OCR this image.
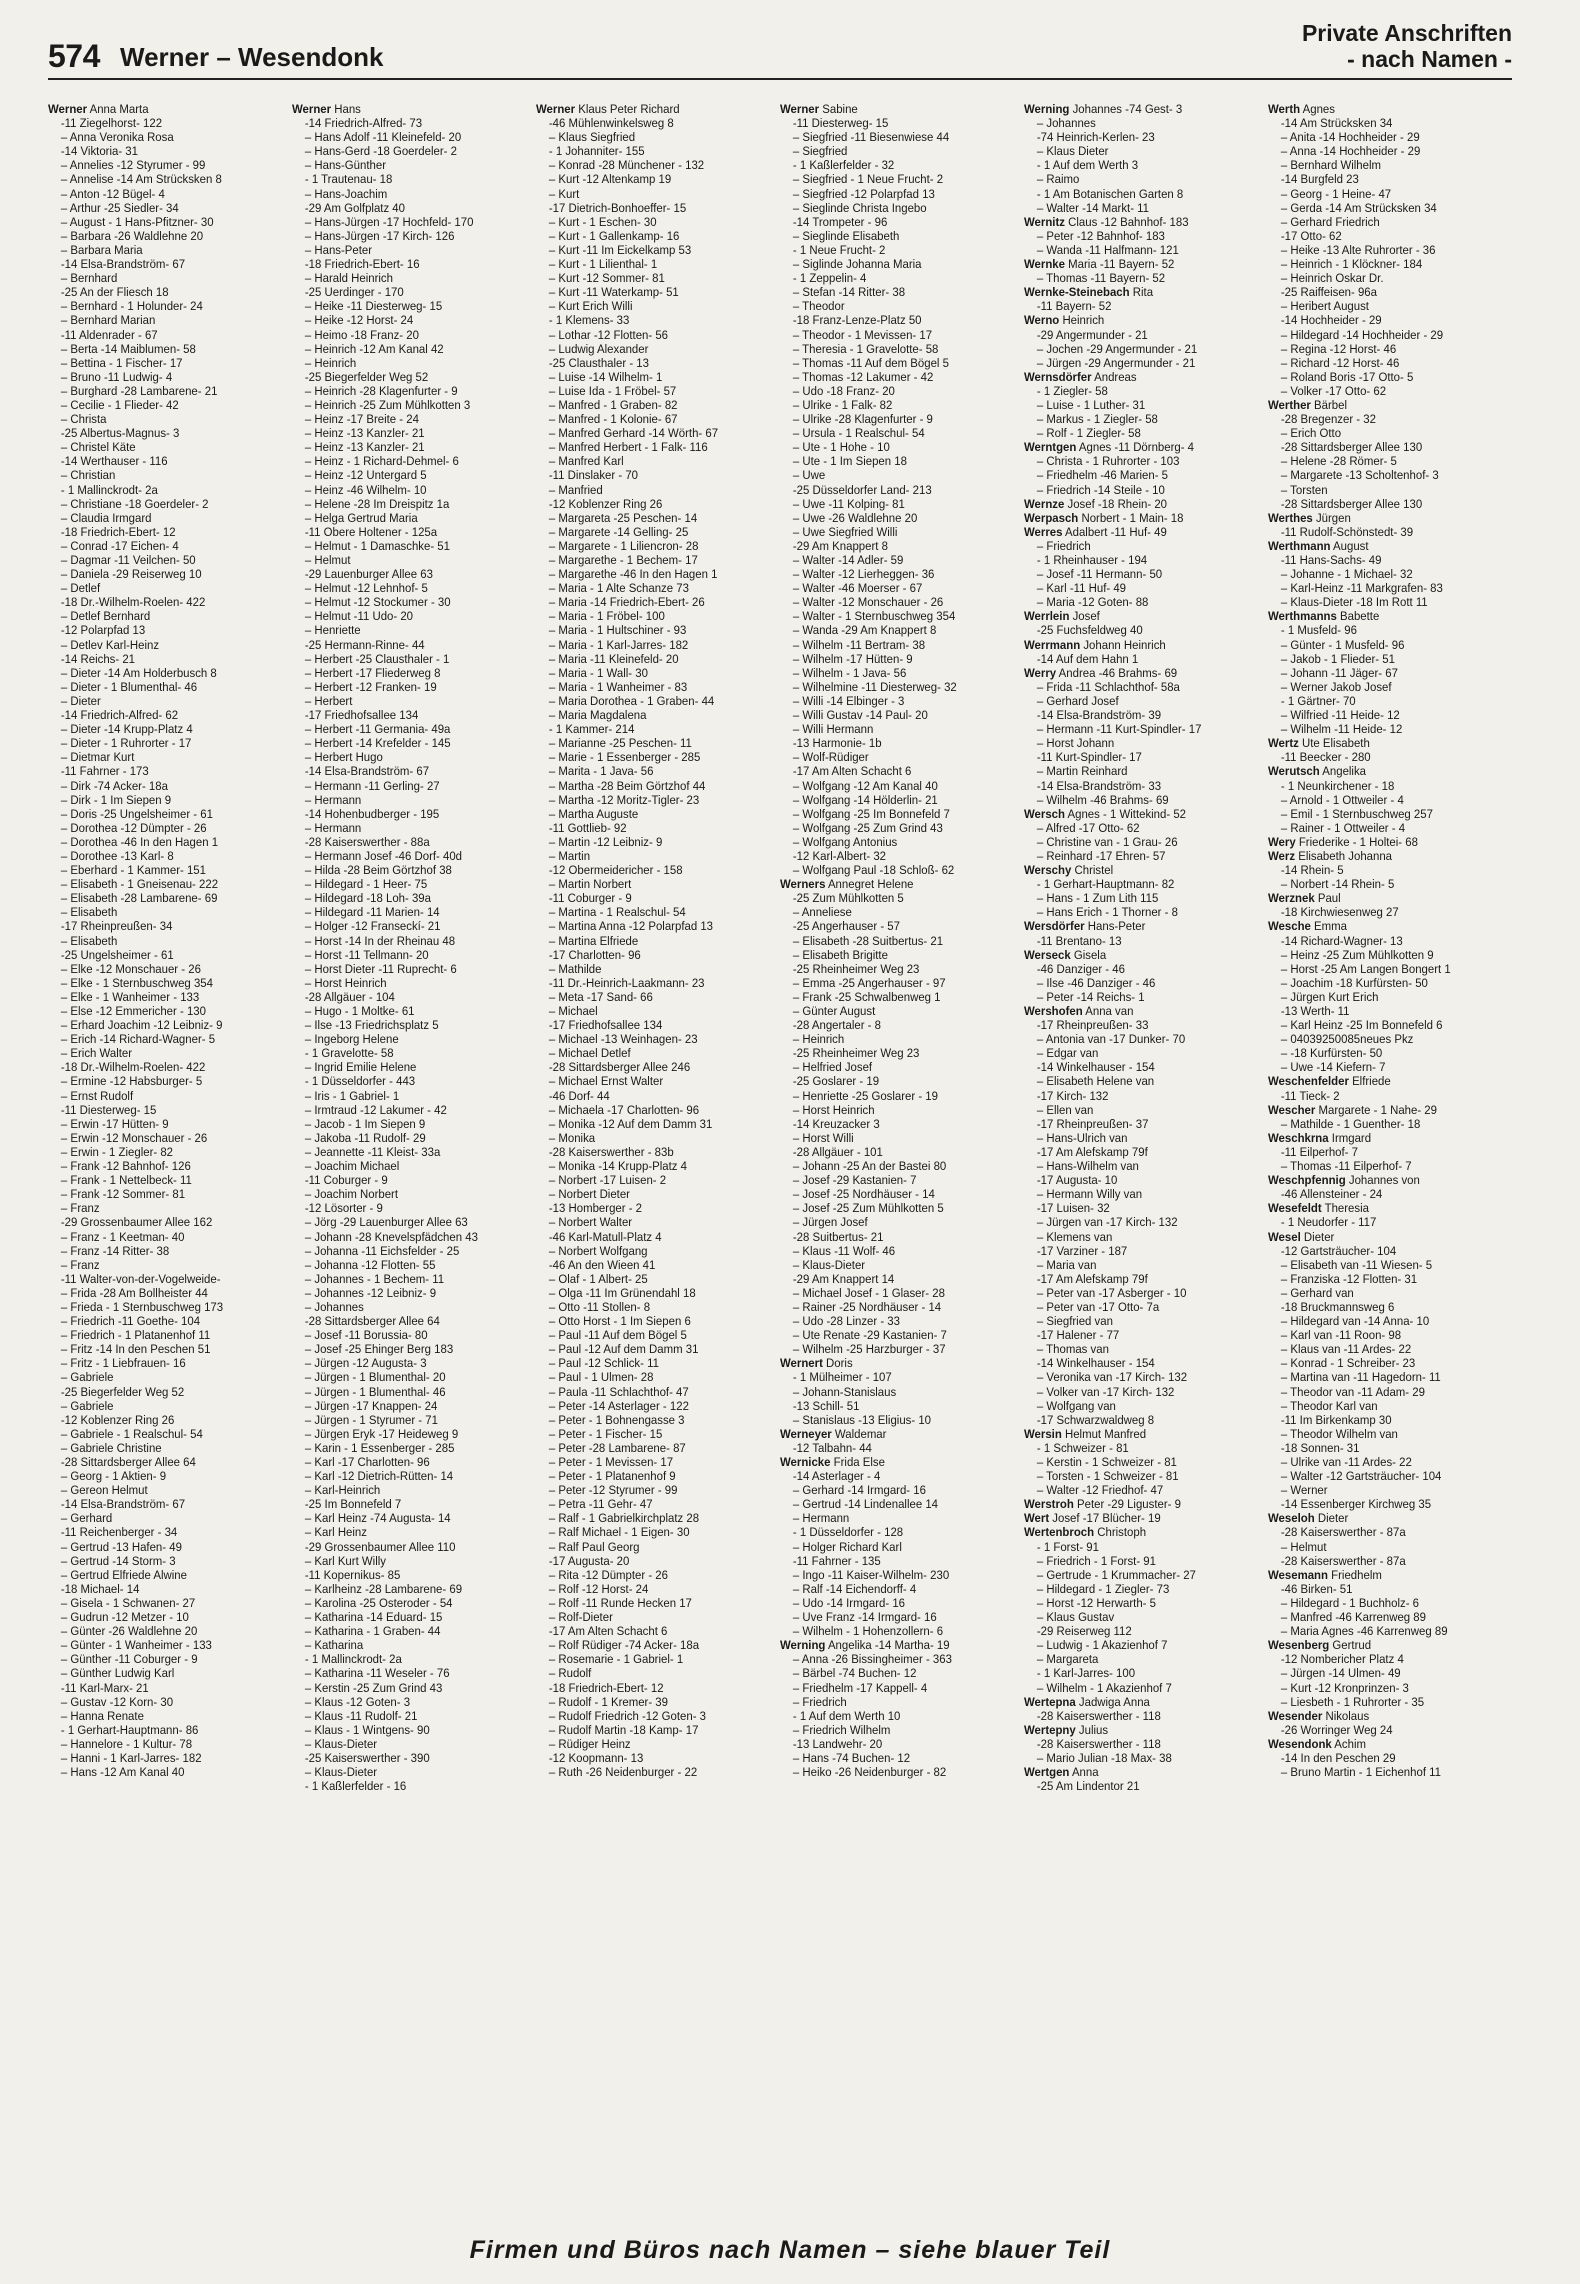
574 Werner – Wesendonk
Private Anschriften
- nach Namen -
Werner Anna Marta
-11 Ziegelhorst- 122
– Anna Veronika Rosa
-14 Viktoria- 31
– Annelies -12 Styrumer - 99
– Annelise -14 Am Strücksken 8
– Anton -12 Bügel- 4
– Arthur -25 Siedler- 34
– August - 1 Hans-Pfitzner- 30
– Barbara -26 Waldlehne 20
– Barbara Maria
-14 Elsa-Brandström- 67
– Bernhard
-25 An der Fliesch 18
– Bernhard - 1 Holunder- 24
– Bernhard Marian
-11 Aldenrader - 67
– Berta -14 Maiblumen- 58
– Bettina - 1 Fischer- 17
– Bruno -11 Ludwig- 4
– Burghard -28 Lambarene- 21
– Cecilie - 1 Flieder- 42
– Christa
-25 Albertus-Magnus- 3
– Christel Käte
-14 Werthauser - 116
– Christian
- 1 Mallinckrodt- 2a
– Christiane -18 Goerdeler- 2
– Claudia Irmgard
-18 Friedrich-Ebert- 12
– Conrad -17 Eichen- 4
– Dagmar -11 Veilchen- 50
– Daniela -29 Reiserweg 10
– Detlef
-18 Dr.-Wilhelm-Roelen- 422
– Detlef Bernhard
-12 Polarpfad 13
– Detlev Karl-Heinz
-14 Reichs- 21
– Dieter -14 Am Holderbusch 8
– Dieter - 1 Blumenthal- 46
– Dieter
-14 Friedrich-Alfred- 62
– Dieter -14 Krupp-Platz 4
– Dieter - 1 Ruhrorter - 17
– Dietmar Kurt
-11 Fahrner - 173
– Dirk -74 Acker- 18a
– Dirk - 1 Im Siepen 9
– Doris -25 Ungelsheimer - 61
– Dorothea -12 Dümpter - 26
– Dorothea -46 In den Hagen 1
– Dorothee -13 Karl- 8
– Eberhard - 1 Kammer- 151
– Elisabeth - 1 Gneisenau- 222
– Elisabeth -28 Lambarene- 69
– Elisabeth
-17 Rheinpreußen- 34
– Elisabeth
-25 Ungelsheimer - 61
– Elke -12 Monschauer - 26
– Elke - 1 Sternbuschweg 354
– Elke - 1 Wanheimer - 133
– Else -12 Emmericher - 130
– Erhard Joachim -12 Leibniz- 9
– Erich -14 Richard-Wagner- 5
– Erich Walter
-18 Dr.-Wilhelm-Roelen- 422
– Ermine -12 Habsburger- 5
– Ernst Rudolf
-11 Diesterweg- 15
– Erwin -17 Hütten- 9
– Erwin -12 Monschauer - 26
– Erwin - 1 Ziegler- 82
– Frank -12 Bahnhof- 126
– Frank - 1 Nettelbeck- 11
– Frank -12 Sommer- 81
– Franz
-29 Grossenbaumer Allee 162
– Franz - 1 Keetman- 40
– Franz -14 Ritter- 38
– Franz
-11 Walter-von-der-Vogelweide-
– Frida -28 Am Bollheister 44
– Frieda - 1 Sternbuschweg 173
– Friedrich -11 Goethe- 104
– Friedrich - 1 Platanenhof 11
– Fritz -14 In den Peschen 51
– Fritz - 1 Liebfrauen- 16
– Gabriele
-25 Biegerfelder Weg 52
– Gabriele
-12 Koblenzer Ring 26
– Gabriele - 1 Realschul- 54
– Gabriele Christine
-28 Sittardsberger Allee 64
– Georg - 1 Aktien- 9
– Gereon Helmut
-14 Elsa-Brandström- 67
– Gerhard
-11 Reichenberger - 34
– Gertrud -13 Hafen- 49
– Gertrud -14 Storm- 3
– Gertrud Elfriede Alwine
-18 Michael- 14
– Gisela - 1 Schwanen- 27
– Gudrun -12 Metzer - 10
– Günter -26 Waldlehne 20
– Günter - 1 Wanheimer - 133
– Günther -11 Coburger - 9
– Günther Ludwig Karl
-11 Karl-Marx- 21
– Gustav -12 Korn- 30
– Hanna Renate
- 1 Gerhart-Hauptmann- 86
– Hannelore - 1 Kultur- 78
– Hanni - 1 Karl-Jarres- 182
– Hans -12 Am Kanal 40
Werner Hans
-14 Friedrich-Alfred- 73
– Hans Adolf -11 Kleinefeld- 20
– Hans-Gerd -18 Goerdeler- 2
– Hans-Günther
- 1 Trautenau- 18
– Hans-Joachim
-29 Am Golfplatz 40
– Hans-Jürgen -17 Hochfeld- 170
– Hans-Jürgen -17 Kirch- 126
– Hans-Peter
-18 Friedrich-Ebert- 16
– Harald Heinrich
-25 Uerdinger - 170
– Heike -11 Diesterweg- 15
– Heike -12 Horst- 24
– Heimo -18 Franz- 20
– Heinrich -12 Am Kanal 42
– Heinrich
-25 Biegerfelder Weg 52
– Heinrich -28 Klagenfurter - 9
– Heinrich -25 Zum Mühlkotten 3
– Heinz -17 Breite - 24
– Heinz -13 Kanzler- 21
– Heinz -13 Kanzler- 21
– Heinz - 1 Richard-Dehmel- 6
– Heinz -12 Untergard 5
– Heinz -46 Wilhelm- 10
– Helene -28 Im Dreispitz 1a
– Helga Gertrud Maria
-11 Obere Holtener - 125a
– Helmut - 1 Damaschke- 51
– Helmut
-29 Lauenburger Allee 63
– Helmut -12 Lehnhof- 5
– Helmut -12 Stockumer - 30
– Helmut -11 Udo- 20
– Henriette
-25 Hermann-Rinne- 44
– Herbert -25 Clausthaler - 1
– Herbert -17 Fliederweg 8
– Herbert -12 Franken- 19
– Herbert
-17 Friedhofsallee 134
– Herbert -11 Germania- 49a
– Herbert -14 Krefelder - 145
– Herbert Hugo
-14 Elsa-Brandström- 67
– Hermann -11 Gerling- 27
– Hermann
-14 Hohenbudberger - 195
– Hermann
-28 Kaiserswerther - 88a
– Hermann Josef -46 Dorf- 40d
– Hilda -28 Beim Görtzhof 38
– Hildegard - 1 Heer- 75
– Hildegard -18 Loh- 39a
– Hildegard -11 Marien- 14
– Holger -12 Franseckí- 21
– Horst -14 In der Rheinau 48
– Horst -11 Tellmann- 20
– Horst Dieter -11 Ruprecht- 6
– Horst Heinrich
-28 Allgäuer - 104
– Hugo - 1 Moltke- 61
– Ilse -13 Friedrichsplatz 5
– Ingeborg Helene
- 1 Gravelotte- 58
– Ingrid Emilie Helene
- 1 Düsseldorfer - 443
– Iris - 1 Gabriel- 1
– Irmtraud -12 Lakumer - 42
– Jacob - 1 Im Siepen 9
– Jakoba -11 Rudolf- 29
– Jeannette -11 Kleist- 33a
– Joachim Michael
-11 Coburger - 9
– Joachim Norbert
-12 Lösorter - 9
– Jörg -29 Lauenburger Allee 63
– Johann -28 Knevelspfädchen 43
– Johanna -11 Eichsfelder - 25
– Johanna -12 Flotten- 55
– Johannes - 1 Bechem- 11
– Johannes -12 Leibniz- 9
– Johannes
-28 Sittardsberger Allee 64
– Josef -11 Borussia- 80
– Josef -25 Ehinger Berg 183
– Jürgen -12 Augusta- 3
– Jürgen - 1 Blumenthal- 20
– Jürgen - 1 Blumenthal- 46
– Jürgen -17 Knappen- 24
– Jürgen - 1 Styrumer - 71
– Jürgen Eryk -17 Heideweg 9
– Karin - 1 Essenberger - 285
– Karl -17 Charlotten- 96
– Karl -12 Dietrich-Rütten- 14
– Karl-Heinrich
-25 Im Bonnefeld 7
– Karl Heinz -74 Augusta- 14
– Karl Heinz
-29 Grossenbaumer Allee 110
– Karl Kurt Willy
-11 Kopernikus- 85
– Karlheinz -28 Lambarene- 69
– Karolina -25 Osteroder - 54
– Katharina -14 Eduard- 15
– Katharina - 1 Graben- 44
– Katharina
- 1 Mallinckrodt- 2a
– Katharina -11 Weseler - 76
– Kerstin -25 Zum Grind 43
– Klaus -12 Goten- 3
– Klaus -11 Rudolf- 21
– Klaus - 1 Wintgens- 90
– Klaus-Dieter
-25 Kaiserswerther - 390
– Klaus-Dieter
- 1 Kaßlerfelder - 16
Werner Klaus Peter Richard
-46 Mühlenwinkelsweg 8
– Klaus Siegfried
- 1 Johanniter- 155
– Konrad -28 Münchener - 132
– Kurt -12 Altenkamp 19
– Kurt
-17 Dietrich-Bonhoeffer- 15
– Kurt - 1 Eschen- 30
– Kurt - 1 Gallenkamp- 16
– Kurt -11 Im Eickelkamp 53
– Kurt - 1 Lilienthal- 1
– Kurt -12 Sommer- 81
– Kurt -11 Waterkamp- 51
– Kurt Erich Willi
- 1 Klemens- 33
– Lothar -12 Flotten- 56
– Ludwig Alexander
-25 Clausthaler - 13
– Luise -14 Wilhelm- 1
– Luise Ida - 1 Fröbel- 57
– Manfred - 1 Graben- 82
– Manfred - 1 Kolonie- 67
– Manfred Gerhard -14 Wörth- 67
– Manfred Herbert - 1 Falk- 116
– Manfred Karl
-11 Dinslaker - 70
– Manfried
-12 Koblenzer Ring 26
– Margareta -25 Peschen- 14
– Margarete -14 Gelling- 25
– Margarete - 1 Liliencron- 28
– Margarethe - 1 Bechem- 17
– Margarethe -46 In den Hagen 1
– Maria - 1 Alte Schanze 73
– Maria -14 Friedrich-Ebert- 26
– Maria - 1 Fröbel- 100
– Maria - 1 Hultschiner - 93
– Maria - 1 Karl-Jarres- 182
– Maria -11 Kleinefeld- 20
– Maria - 1 Wall- 30
– Maria - 1 Wanheimer - 83
– Maria Dorothea - 1 Graben- 44
– Maria Magdalena
- 1 Kammer- 214
– Marianne -25 Peschen- 11
– Marie - 1 Essenberger - 285
– Marita - 1 Java- 56
– Martha -28 Beim Görtzhof 44
– Martha -12 Moritz-Tigler- 23
– Martha Auguste
-11 Gottlieb- 92
– Martin -12 Leibniz- 9
– Martin
-12 Obermeidericher - 158
– Martin Norbert
-11 Coburger - 9
– Martina - 1 Realschul- 54
– Martina Anna -12 Polarpfad 13
– Martina Elfriede
-17 Charlotten- 96
– Mathilde
-11 Dr.-Heinrich-Laakmann- 23
– Meta -17 Sand- 66
– Michael
-17 Friedhofsallee 134
– Michael -13 Weinhagen- 23
– Michael Detlef
-28 Sittardsberger Allee 246
– Michael Ernst Walter
-46 Dorf- 44
– Michaela -17 Charlotten- 96
– Monika -12 Auf dem Damm 31
– Monika
-28 Kaiserswerther - 83b
– Monika -14 Krupp-Platz 4
– Norbert -17 Luisen- 2
– Norbert Dieter
-13 Homberger - 2
– Norbert Walter
-46 Karl-Matull-Platz 4
– Norbert Wolfgang
-46 An den Wieen 41
– Olaf - 1 Albert- 25
– Olga -11 Im Grünendahl 18
– Otto -11 Stollen- 8
– Otto Horst - 1 Im Siepen 6
– Paul -11 Auf dem Bögel 5
– Paul -12 Auf dem Damm 31
– Paul -12 Schlick- 11
– Paul - 1 Ulmen- 28
– Paula -11 Schlachthof- 47
– Peter -14 Asterlager - 122
– Peter - 1 Bohnengasse 3
– Peter - 1 Fischer- 15
– Peter -28 Lambarene- 87
– Peter - 1 Mevissen- 17
– Peter - 1 Platanenhof 9
– Peter -12 Styrumer - 99
– Petra -11 Gehr- 47
– Ralf - 1 Gabrielkirchplatz 28
– Ralf Michael - 1 Eigen- 30
– Ralf Paul Georg
-17 Augusta- 20
– Rita -12 Dümpter - 26
– Rolf -12 Horst- 24
– Rolf -11 Runde Hecken 17
– Rolf-Dieter
-17 Am Alten Schacht 6
– Rolf Rüdiger -74 Acker- 18a
– Rosemarie - 1 Gabriel- 1
– Rudolf
-18 Friedrich-Ebert- 12
– Rudolf - 1 Kremer- 39
– Rudolf Friedrich -12 Goten- 3
– Rudolf Martin -18 Kamp- 17
– Rüdiger Heinz
-12 Koopmann- 13
– Ruth -26 Neidenburger - 22
Werner Sabine
-11 Diesterweg- 15
– Siegfried -11 Biesenwiese 44
– Siegfried
- 1 Kaßlerfelder - 32
– Siegfried - 1 Neue Frucht- 2
– Siegfried -12 Polarpfad 13
– Sieglinde Christa Ingebo
-14 Trompeter - 96
– Sieglinde Elisabeth
- 1 Neue Frucht- 2
– Siglinde Johanna Maria
- 1 Zeppelin- 4
– Stefan -14 Ritter- 38
– Theodor
-18 Franz-Lenze-Platz 50
– Theodor - 1 Mevissen- 17
– Theresia - 1 Gravelotte- 58
– Thomas -11 Auf dem Bögel 5
– Thomas -12 Lakumer - 42
– Udo -18 Franz- 20
– Ulrike - 1 Falk- 82
– Ulrike -28 Klagenfurter - 9
– Ursula - 1 Realschul- 54
– Ute - 1 Hohe - 10
– Ute - 1 Im Siepen 18
– Uwe
-25 Düsseldorfer Land- 213
– Uwe -11 Kolping- 81
– Uwe -26 Waldlehne 20
– Uwe Siegfried Willi
-29 Am Knappert 8
– Walter -14 Adler- 59
– Walter -12 Lierheggen- 36
– Walter -46 Moerser - 67
– Walter -12 Monschauer - 26
– Walter - 1 Sternbuschweg 354
– Wanda -29 Am Knappert 8
– Wilhelm -11 Bertram- 38
– Wilhelm -17 Hütten- 9
– Wilhelm - 1 Java- 56
– Wilhelmine -11 Diesterweg- 32
– Willi -14 Elbinger - 3
– Willi Gustav -14 Paul- 20
– Willi Hermann
-13 Harmonie- 1b
– Wolf-Rüdiger
-17 Am Alten Schacht 6
– Wolfgang -12 Am Kanal 40
– Wolfgang -14 Hölderlin- 21
– Wolfgang -25 Im Bonnefeld 7
– Wolfgang -25 Zum Grind 43
– Wolfgang Antonius
-12 Karl-Albert- 32
– Wolfgang Paul -18 Schloß- 62
Werners Annegret Helene
-25 Zum Mühlkotten 5
– Anneliese
-25 Angerhauser - 57
– Elisabeth -28 Suitbertus- 21
– Elisabeth Brigitte
-25 Rheinheimer Weg 23
– Emma -25 Angerhauser - 97
– Frank -25 Schwalbenweg 1
– Günter August
-28 Angertaler - 8
– Heinrich
-25 Rheinheimer Weg 23
– Helfried Josef
-25 Goslarer - 19
– Henriette -25 Goslarer - 19
– Horst Heinrich
-14 Kreuzacker 3
– Horst Willi
-28 Allgäuer - 101
– Johann -25 An der Bastei 80
– Josef -29 Kastanien- 7
– Josef -25 Nordhäuser - 14
– Josef -25 Zum Mühlkotten 5
– Jürgen Josef
-28 Suitbertus- 21
– Klaus -11 Wolf- 46
– Klaus-Dieter
-29 Am Knappert 14
– Michael Josef - 1 Glaser- 28
– Rainer -25 Nordhäuser - 14
– Udo -28 Linzer - 33
– Ute Renate -29 Kastanien- 7
– Wilhelm -25 Harzburger - 37
Wernert Doris
- 1 Mülheimer - 107
– Johann-Stanislaus
-13 Schill- 51
– Stanislaus -13 Eligius- 10
Werneyer Waldemar
-12 Talbahn- 44
Wernicke Frida Else
-14 Asterlager - 4
– Gerhard -14 Irmgard- 16
– Gertrud -14 Lindenallee 14
– Hermann
- 1 Düsseldorfer - 128
– Holger Richard Karl
-11 Fahrner - 135
– Ingo -11 Kaiser-Wilhelm- 230
– Ralf -14 Eichendorff- 4
– Udo -14 Irmgard- 16
– Uve Franz -14 Irmgard- 16
– Wilhelm - 1 Hohenzollern- 6
Werning Angelika -14 Martha- 19
– Anna -26 Bissingheimer - 363
– Bärbel -74 Buchen- 12
– Friedhelm -17 Kappell- 4
– Friedrich
- 1 Auf dem Werth 10
– Friedrich Wilhelm
-13 Landwehr- 20
– Hans -74 Buchen- 12
– Heiko -26 Neidenburger - 82
Werning Johannes -74 Gest- 3
– Johannes
-74 Heinrich-Kerlen- 23
– Klaus Dieter
- 1 Auf dem Werth 3
– Raimo
- 1 Am Botanischen Garten 8
– Walter -14 Markt- 11
Wernitz Claus -12 Bahnhof- 183
– Peter -12 Bahnhof- 183
– Wanda -11 Halfmann- 121
Wernke Maria -11 Bayern- 52
– Thomas -11 Bayern- 52
Wernke-Steinebach Rita
-11 Bayern- 52
Werno Heinrich
-29 Angermunder - 21
– Jochen -29 Angermunder - 21
– Jürgen -29 Angermunder - 21
Wernsdörfer Andreas
- 1 Ziegler- 58
– Luise - 1 Luther- 31
– Markus - 1 Ziegler- 58
– Rolf - 1 Ziegler- 58
Werntgen Agnes -11 Dörnberg- 4
– Christa - 1 Ruhrorter - 103
– Friedhelm -46 Marien- 5
– Friedrich -14 Steile - 10
Wernze Josef -18 Rhein- 20
Werpasch Norbert - 1 Main- 18
Werres Adalbert -11 Huf- 49
– Friedrich
- 1 Rheinhauser - 194
– Josef -11 Hermann- 50
– Karl -11 Huf- 49
– Maria -12 Goten- 88
Werrlein Josef
-25 Fuchsfeldweg 40
Werrmann Johann Heinrich
-14 Auf dem Hahn 1
Werry Andrea -46 Brahms- 69
– Frida -11 Schlachthof- 58a
– Gerhard Josef
-14 Elsa-Brandström- 39
– Hermann -11 Kurt-Spindler- 17
– Horst Johann
-11 Kurt-Spindler- 17
– Martin Reinhard
-14 Elsa-Brandström- 33
– Wilhelm -46 Brahms- 69
Wersch Agnes - 1 Wittekind- 52
– Alfred -17 Otto- 62
– Christine van - 1 Grau- 26
– Reinhard -17 Ehren- 57
Werschy Christel
- 1 Gerhart-Hauptmann- 82
– Hans - 1 Zum Lith 115
– Hans Erich - 1 Thorner - 8
Wersdörfer Hans-Peter
-11 Brentano- 13
Werseck Gisela
-46 Danziger - 46
– Ilse -46 Danziger - 46
– Peter -14 Reichs- 1
Wershofen Anna van
-17 Rheinpreußen- 33
– Antonia van -17 Dunker- 70
– Edgar van
-14 Winkelhauser - 154
– Elisabeth Helene van
-17 Kirch- 132
– Ellen van
-17 Rheinpreußen- 37
– Hans-Ulrich van
-17 Am Alefskamp 79f
– Hans-Wilhelm van
-17 Augusta- 10
– Hermann Willy van
-17 Luisen- 32
– Jürgen van -17 Kirch- 132
– Klemens van
-17 Varziner - 187
– Maria van
-17 Am Alefskamp 79f
– Peter van -17 Asberger - 10
– Peter van -17 Otto- 7a
– Siegfried van
-17 Halener - 77
– Thomas van
-14 Winkelhauser - 154
– Veronika van -17 Kirch- 132
– Volker van -17 Kirch- 132
– Wolfgang van
-17 Schwarzwaldweg 8
Wersin Helmut Manfred
- 1 Schweizer - 81
– Kerstin - 1 Schweizer - 81
– Torsten - 1 Schweizer - 81
– Walter -12 Friedhof- 47
Werstroh Peter -29 Liguster- 9
Wert Josef -17 Blücher- 19
Wertenbroch Christoph
- 1 Forst- 91
– Friedrich - 1 Forst- 91
– Gertrude - 1 Krummacher- 27
– Hildegard - 1 Ziegler- 73
– Horst -12 Herwarth- 5
– Klaus Gustav
-29 Reiserweg 112
– Ludwig - 1 Akazienhof 7
– Margareta
- 1 Karl-Jarres- 100
– Wilhelm - 1 Akazienhof 7
Wertepna Jadwiga Anna
-28 Kaiserswerther - 118
Wertepny Julius
-28 Kaiserswerther - 118
– Mario Julian -18 Max- 38
Wertgen Anna
-25 Am Lindentor 21
Werth Agnes
-14 Am Strücksken 34
– Anita -14 Hochheider - 29
– Anna -14 Hochheider - 29
– Bernhard Wilhelm
-14 Burgfeld 23
– Georg - 1 Heine- 47
– Gerda -14 Am Strücksken 34
– Gerhard Friedrich
-17 Otto- 62
– Heike -13 Alte Ruhrorter - 36
– Heinrich - 1 Klöckner- 184
– Heinrich Oskar Dr.
-25 Raiffeisen- 96a
– Heribert August
-14 Hochheider - 29
– Hildegard -14 Hochheider - 29
– Regina -12 Horst- 46
– Richard -12 Horst- 46
– Roland Boris -17 Otto- 5
– Volker -17 Otto- 62
Werther Bärbel
-28 Bregenzer - 32
– Erich Otto
-28 Sittardsberger Allee 130
– Helene -28 Römer- 5
– Margarete -13 Scholtenhof- 3
– Torsten
-28 Sittardsberger Allee 130
Werthes Jürgen
-11 Rudolf-Schönstedt- 39
Werthmann August
-11 Hans-Sachs- 49
– Johanne - 1 Michael- 32
– Karl-Heinz -11 Markgrafen- 83
– Klaus-Dieter -18 Im Rott 11
Werthmanns Babette
- 1 Musfeld- 96
– Günter - 1 Musfeld- 96
– Jakob - 1 Flieder- 51
– Johann -11 Jäger- 67
– Werner Jakob Josef
- 1 Gärtner- 70
– Wilfried -11 Heide- 12
– Wilhelm -11 Heide- 12
Wertz Ute Elisabeth
-11 Beecker - 280
Werutsch Angelika
- 1 Neunkirchener - 18
– Arnold - 1 Ottweiler - 4
– Emil - 1 Sternbuschweg 257
– Rainer - 1 Ottweiler - 4
Wery Friederike - 1 Holtei- 68
Werz Elisabeth Johanna
-14 Rhein- 5
– Norbert -14 Rhein- 5
Werznek Paul
-18 Kirchwiesenweg 27
Wesche Emma
-14 Richard-Wagner- 13
– Heinz -25 Zum Mühlkotten 9
– Horst -25 Am Langen Bongert 1
– Joachim -18 Kurfürsten- 50
– Jürgen Kurt Erich
-13 Werth- 11
– Karl Heinz -25 Im Bonnefeld 6
– 04039250085neues Pkz
– -18 Kurfürsten- 50
– Uwe -14 Kiefern- 7
Weschenfelder Elfriede
-11 Tieck- 2
Wescher Margarete - 1 Nahe- 29
– Mathilde - 1 Guenther- 18
Weschkrna Irmgard
-11 Eilperhof- 7
– Thomas -11 Eilperhof- 7
Weschpfennig Johannes von
-46 Allensteiner - 24
Wesefeldt Theresia
- 1 Neudorfer - 117
Wesel Dieter
-12 Gartsträucher- 104
– Elisabeth van -11 Wiesen- 5
– Franziska -12 Flotten- 31
– Gerhard van
-18 Bruckmannsweg 6
– Hildegard van -14 Anna- 10
– Karl van -11 Roon- 98
– Klaus van -11 Ardes- 22
– Konrad - 1 Schreiber- 23
– Martina van -11 Hagedorn- 11
– Theodor van -11 Adam- 29
– Theodor Karl van
-11 Im Birkenkamp 30
– Theodor Wilhelm van
-18 Sonnen- 31
– Ulrike van -11 Ardes- 22
– Walter -12 Gartsträucher- 104
– Werner
-14 Essenberger Kirchweg 35
Weseloh Dieter
-28 Kaiserswerther - 87a
– Helmut
-28 Kaiserswerther - 87a
Wesemann Friedhelm
-46 Birken- 51
– Hildegard - 1 Buchholz- 6
– Manfred -46 Karrenweg 89
– Maria Agnes -46 Karrenweg 89
Wesenberg Gertrud
-12 Nombericher Platz 4
– Jürgen -14 Ulmen- 49
– Kurt -12 Kronprinzen- 3
– Liesbeth - 1 Ruhrorter - 35
Wesender Nikolaus
-26 Worringer Weg 24
Wesendonk Achim
-14 In den Peschen 29
– Bruno Martin - 1 Eichenhof 11
Firmen und Büros nach Namen – siehe blauer Teil
